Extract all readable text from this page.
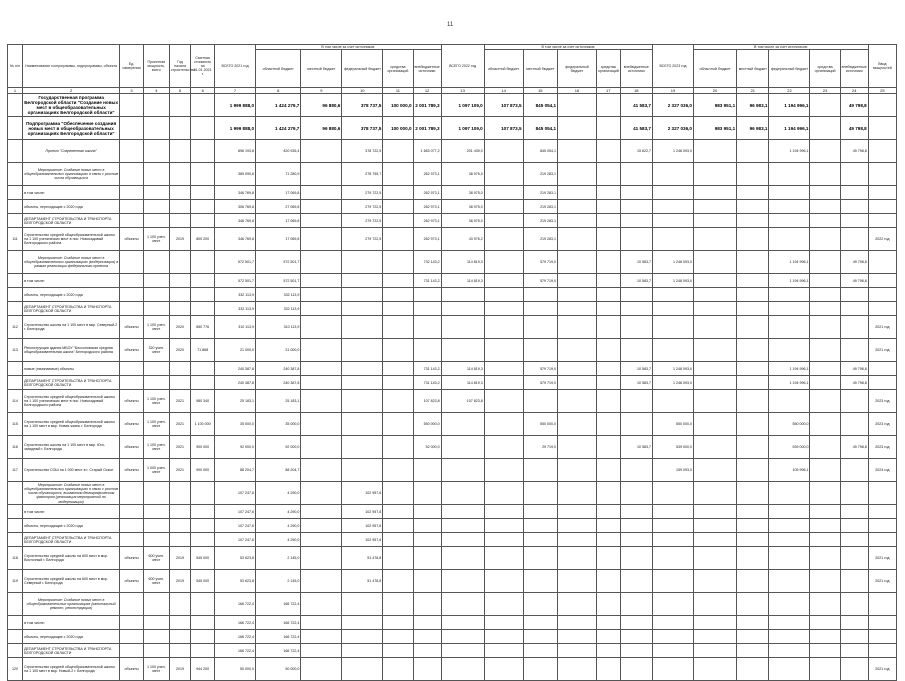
11
№ п/п	Наименование госпрограммы, подпрограммы, объекта	Ед. измерения	Проектная мощность, всего	Год начала строительства	Сметная стоимость на 01.01.2021 г.	ВСЕГО 2021 год	В том числе за счет источников:					ВСЕГО 2022 год	В том числе за счет источников:					ВСЕГО 2023 год	В том числе за счет источников:					Ввод мощностей
							областной бюджет	местный бюджет	федеральный бюджет	средства организаций	внебюджетные источники		областной бюджет	местный бюджет	федеральный бюджет	средства организаций	внебюджетные источники		областной бюджет	местный бюджет	федеральный бюджет	средства организаций	внебюджетные источники	
1	2	3	4	5	6	7	8	9	10	11	12	13	14	15	16	17	18	19	20	21	22	23	24	25
	Государственная программа Белгородской области "Создание новых мест в общеобразовательных организациях Белгородской области"					1 999 888,0	1 424 279,7	96 880,6	378 737,5	100 000,0	2 001 789,3	1 097 109,0	107 873,5	845 054,1			41 583,7	2 327 036,0	983 951,1	96 983,1	1 194 996,1		49 798,8	
	Подпрограмма "Обеспечение создания новых мест в общеобразовательных организациях Белгородской области"					1 999 888,0	1 424 279,7	96 880,6	378 737,5	100 000,0	2 001 789,3	1 097 109,0	107 873,5	845 054,1			41 583,7	2 327 036,0	983 951,1	96 983,1	1 194 996,1		49 798,8	
	Проект "Современная школа"					896 193,8	420 935,4		378 722,5		1 663 077,2	201 439,0		845 054,1			15 622,7	1 248 093,0			1 194 996,1		49 798,8	
	Мероприятие: Создание новых мест в общеобразовательных организациях в связи с ростом числа обучающихся					389 090,6	71 280,9		278 795,7		262 973,1	38 975,0		219 283,1										
	в том числе:					346 769,8	17 069,8		279 722,5		262 973,1	38 975,0		219 283,1										
	объекты, переходящие с 2020 года					306 769,8	27 069,8		279 722,5		262 973,1	38 975,0		219 283,1										
	ДЕПАРТАМЕНТ СТРОИТЕЛЬСТВА И ТРАНСПОРТА БЕЛГОРОДСКОЙ ОБЛАСТИ					346 769,8	17 069,8		279 722,5		262 973,1	38 975,0		219 283,1										
111	Строительство средней общеобразовательной школы на 1 100 ученических мест в пос. Новосадовый Белгородского района	объекты	1 100 учен. мест	2019	800 200	346 769,8	17 069,8		279 722,5		262 973,1	43 976,2		219 283,1										2022 год
	Мероприятие: Создание новых мест в общеобразовательных организациях (модернизация) в рамках реализации федерального проекта					572 501,7	572 501,7				732 143,2	114 819,3		579 719,0			10 583,7	1 248 093,0			1 194 996,1		49 798,8	
	в том числе:					572 501,7	572 501,7				731 143,2	114 819,3		579 719,0			10 583,7	1 248 093,0			1 194 996,1		49 798,8	
	объекты, переходящие с 2020 года					332 113,9	332 113,9																	
	ДЕПАРТАМЕНТ СТРОИТЕЛЬСТВА И ТРАНСПОРТА БЕЛГОРОДСКОЙ ОБЛАСТИ					332 113,9	332 113,9																	
112	Строительство школы на 1 100 мест в мкр. Северный-2 г. Белгорода	объекты	1 100 учен. мест	2020	650 776	310 113,9	310 113,9																	2021 год
113	Реконструкция здания МБОУ "Бессоновская средняя общеобразовательная школа" Белгородского района	объекты	320 учен. мест	2020	71 868	21 000,0	21 000,0																	2021 год
	новые (начинаемые) объекты					240 387,8	240 387,8				731 143,2	114 819,3		579 719,0			10 583,7	1 248 093,0			1 194 996,1		49 798,8	
	ДЕПАРТАМЕНТ СТРОИТЕЛЬСТВА И ТРАНСПОРТА БЕЛГОРОДСКОЙ ОБЛАСТИ					240 387,8	240 387,8				731 143,2	114 819,3		579 719,0			10 583,7	1 248 093,0			1 194 996,1		49 798,8	
114	Строительство средней общеобразовательной школы на 1 100 ученических мест в пос. Новосадовый Белгородского района	объекты	1 100 учен. мест	2021	980 340	25 183,1	25 183,1				107 823,8	107 823,8												2023 год
115	Строительство средней общеобразовательной школы на 1 100 мест в мкр. Новая жизнь г. Белгорода	объекты	1 100 учен. мест	2021	1 100 000	35 000,0	35 000,0				550 000,0			550 000,0				550 000,0			550 000,0			2023 год
116	Строительство школы на 1 100 мест в мкр. Юго-западный г. Белгорода	объекты	1 100 учен. мест	2021	900 000	92 000,0	92 000,0				52 000,0			29 719,0			10 583,7	539 000,0			539 000,0		49 798,8	2023 год
117	Строительство СОШ на 1 000 мест в г. Старый Оскол	объекты	1 000 учен. мест	2021	900 000	88 204,7	88 204,7											159 093,0			105 996,1			2024 год
	Мероприятие: Создание новых мест в общеобразовательных организациях в связи с ростом числа обучающихся, вызванным демографическим фактором (реализация мероприятий по модернизации)					107 247,6	4 290,0		102 957,6															
	в том числе:					107 247,6	4 290,0		102 957,6															
	объекты, переходящие с 2020 года					107 247,6	4 290,0		102 957,6															
	ДЕПАРТАМЕНТ СТРОИТЕЛЬСТВА И ТРАНСПОРТА БЕЛГОРОДСКОЙ ОБЛАСТИ					107 247,6	4 290,0		102 957,6															
118	Строительство средней школы на 600 мест в мкр. Восточный г. Белгорода	объекты	600 учен. мест	2019	545 000	53 623,8	2 145,0		51 478,8															2021 год
119	Строительство средней школы на 600 мест в мкр. Северный г. Белгорода	объекты	600 учен. мест	2019	545 000	53 623,8	2 145,0		51 478,8															2021 год
	Мероприятие: Создание новых мест в общеобразовательных организациях (капитальный ремонт, реконструкция)					166 722,4	166 722,4																	
	в том числе:					166 722,4	166 722,4																	
	объекты, переходящие с 2020 года					166 722,4	166 722,4																	
	ДЕПАРТАМЕНТ СТРОИТЕЛЬСТВА И ТРАНСПОРТА БЕЛГОРОДСКОЙ ОБЛАСТИ					166 722,4	166 722,4																	
120	Строительство средней общеобразовательной школы на 1 100 мест в мкр. Новый-2 г. Белгорода	объекты	1 100 учен. мест	2019	944 200	50 000,0	50 000,0																	2021 год
